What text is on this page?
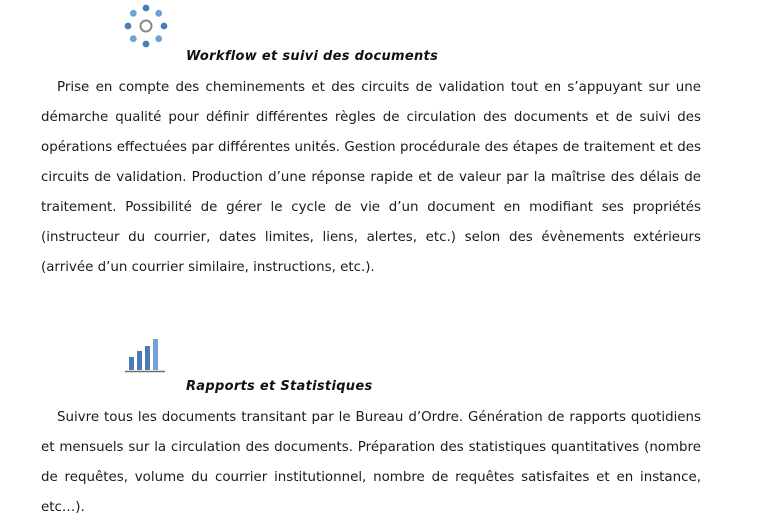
Workflow et suivi des documents

Prise en compte des cheminements et des circuits de validation tout en s’appuyant sur une démarche qualité pour définir différentes règles de circulation des documents et de suivi des opérations effectuées par différentes unités. Gestion procédurale des étapes de traitement et des circuits de validation. Production d’une réponse rapide et de valeur par la maîtrise des délais de traitement. Possibilité de gérer le cycle de vie d’un document en modifiant ses propriétés (instructeur du courrier, dates limites, liens, alertes, etc.) selon des évènements extérieurs (arrivée d’un courrier similaire, instructions, etc.).

Rapports et Statistiques

Suivre tous les documents transitant par le Bureau d’Ordre. Génération de rapports quotidiens et mensuels sur la circulation des documents. Préparation des statistiques quantitatives (nombre de requêtes, volume du courrier institutionnel, nombre de requêtes satisfaites et en instance, etc…).
